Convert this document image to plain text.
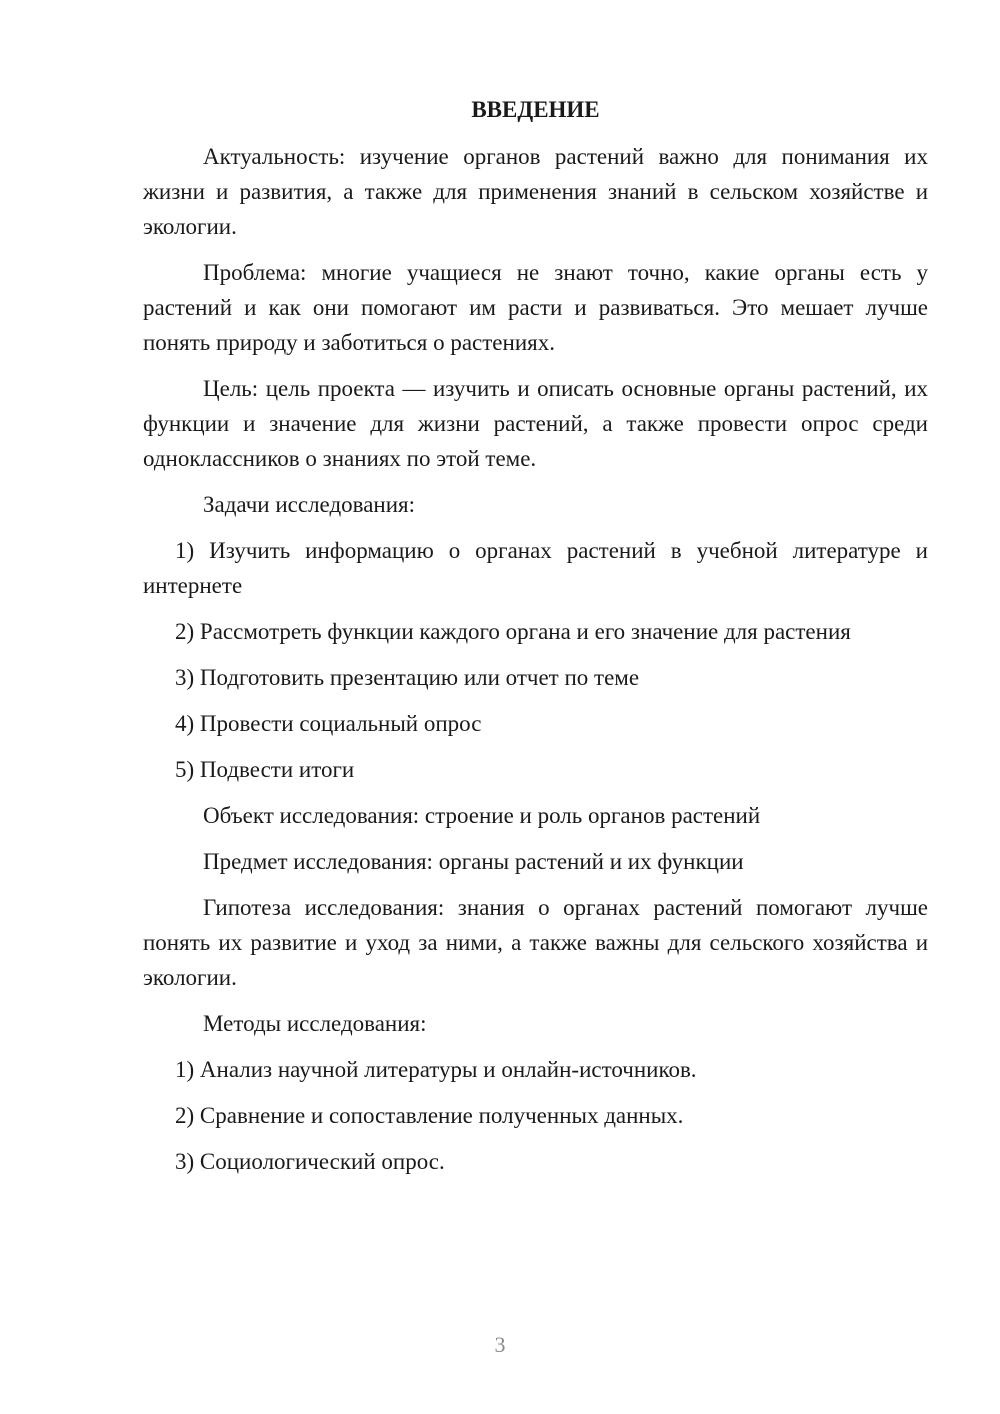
ВВЕДЕНИЕ

Актуальность: изучение органов растений важно для понимания их жизни и развития, а также для применения знаний в сельском хозяйстве и экологии.

Проблема: многие учащиеся не знают точно, какие органы есть у растений и как они помогают им расти и развиваться. Это мешает лучше понять природу и заботиться о растениях.

Цель: цель проекта — изучить и описать основные органы растений, их функции и значение для жизни растений, а также провести опрос среди одноклассников о знаниях по этой теме.

Задачи исследования:

1) Изучить информацию о органах растений в учебной литературе и интернете

2) Рассмотреть функции каждого органа и его значение для растения

3) Подготовить презентацию или отчет по теме

4) Провести социальный опрос

5) Подвести итоги

Объект исследования: строение и роль органов растений

Предмет исследования: органы растений и их функции

Гипотеза исследования: знания о органах растений помогают лучше понять их развитие и уход за ними, а также важны для сельского хозяйства и экологии.

Методы исследования:

1) Анализ научной литературы и онлайн-источников.

2) Сравнение и сопоставление полученных данных.

3) Социологический опрос.

3
